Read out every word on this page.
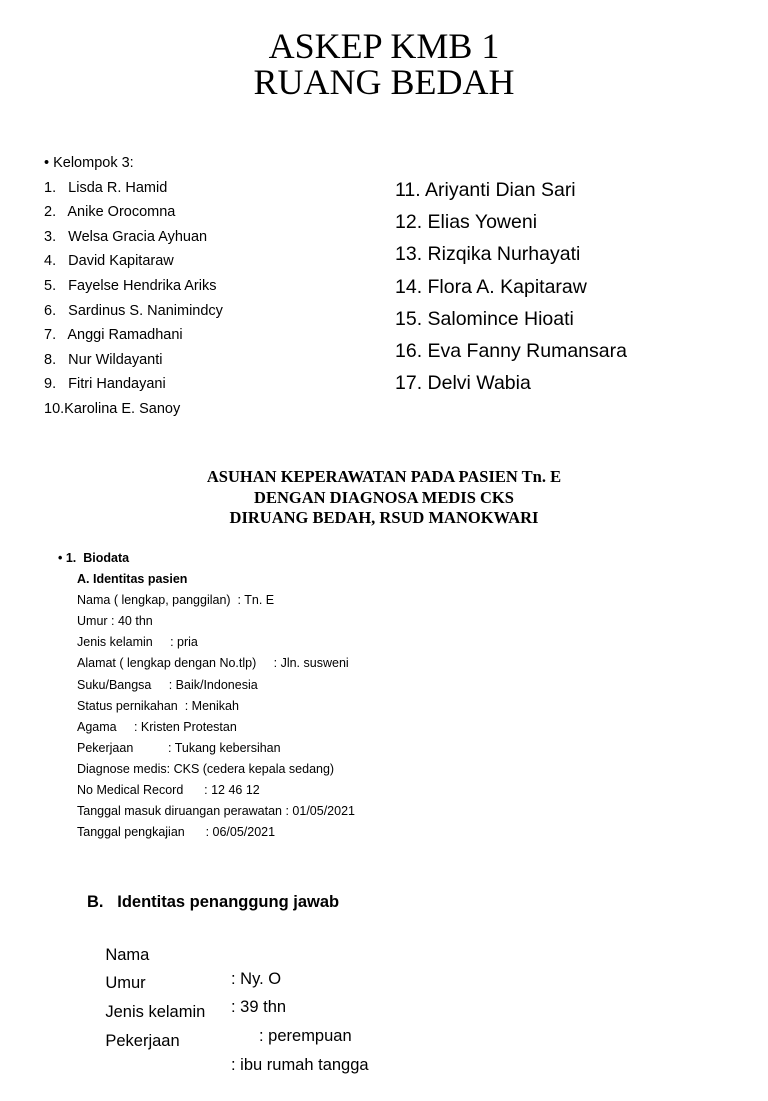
ASKEP KMB 1
RUANG BEDAH
• Kelompok 3:
1.   Lisda R. Hamid
2.   Anike Orocomna
3.   Welsa Gracia Ayhuan
4.   David Kapitaraw
5.   Fayelse Hendrika Ariks
6.   Sardinus S. Nanimindcy
7.   Anggi Ramadhani
8.   Nur Wildayanti
9.   Fitri Handayani
10.Karolina E. Sanoy
11. Ariyanti Dian Sari
12. Elias Yoweni
13. Rizqika Nurhayati
14. Flora A. Kapitaraw
15. Salomince Hioati
16. Eva Fanny Rumansara
17. Delvi Wabia
ASUHAN KEPERAWATAN PADA PASIEN Tn. E
DENGAN DIAGNOSA MEDIS CKS
DIRUANG BEDAH, RSUD MANOKWARI
• 1.  Biodata
A. Identitas pasien
Nama ( lengkap, panggilan)  : Tn. E
Umur : 40 thn
Jenis kelamin     : pria
Alamat ( lengkap dengan No.tlp)     : Jln. susweni
Suku/Bangsa     : Baik/Indonesia
Status pernikahan  : Menikah
Agama     : Kristen Protestan
Pekerjaan          : Tukang kebersihan
Diagnose medis: CKS (cedera kepala sedang)
No Medical Record      : 12 46 12
Tanggal masuk diruangan perawatan : 01/05/2021
Tanggal pengkajian      : 06/05/2021
B.   Identitas penanggung jawab

Nama

: Ny. O

Umur

: 39 thn

Jenis kelamin

: perempuan

Pekerjaan

: ibu rumah tangga
